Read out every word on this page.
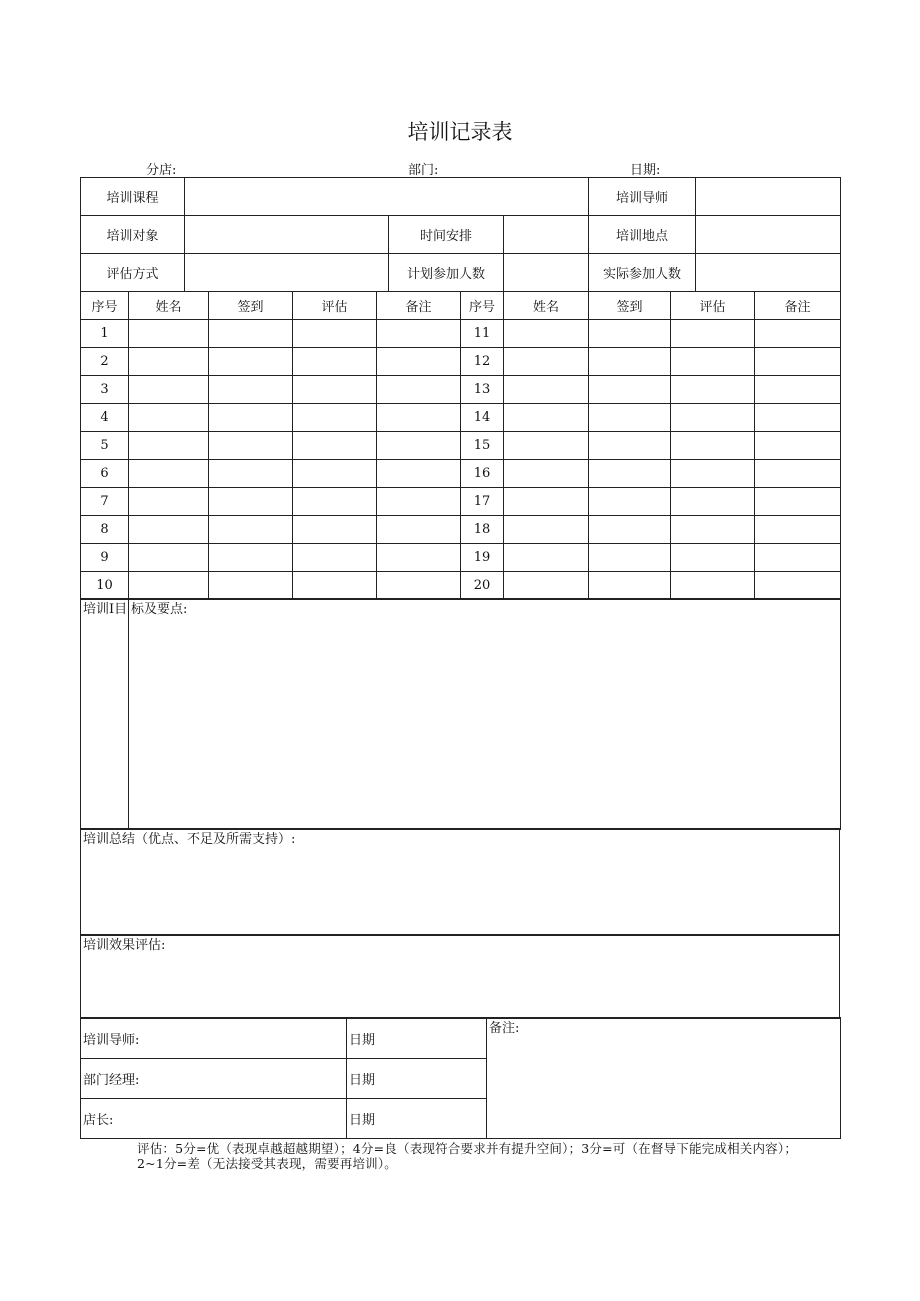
培训记录表
分店:	部门:	日期:
培训课程				培训导师	
培训对象		时间安排		培训地点	
评估方式		计划参加人数		实际参加人数	
序号	姓名	签到	评估	备注	序号	姓名	签到	评估	备注
1					11				
2					12				
3					13				
4					14				
5					15				
6					16				
7					17				
8					18				
9					19				
10					20				
培训I目	标及要点:
培训总结（优点、不足及所需支持）:
培训效果评估:
培训导师:	日期	备注:
部门经理:	日期	
店长:	日期	
评估：5分=优（表现卓越超越期望）；4分=良（表现符合要求并有提升空间）；3分=可（在督导下能完成相关内容）；
2~1分=差（无法接受其表现，需要再培训）。
